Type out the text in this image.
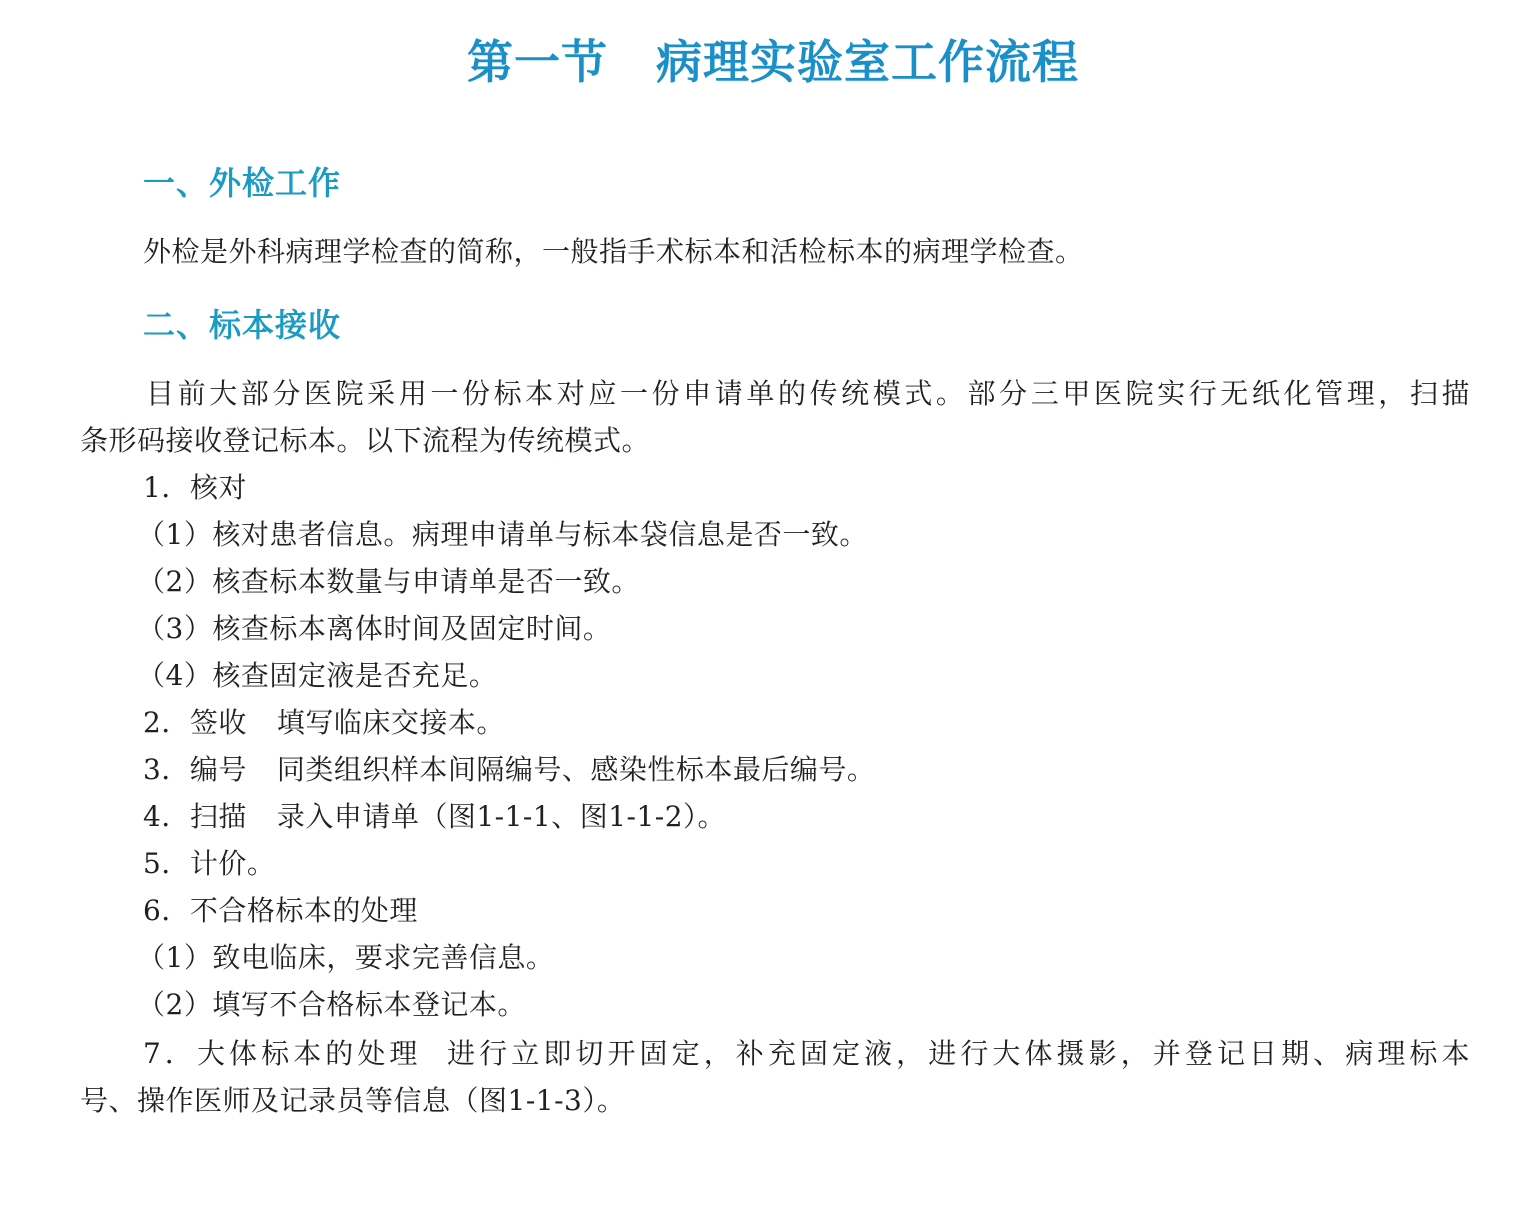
第一节 病理实验室工作流程
一、外检工作
外检是外科病理学检查的简称，一般指手术标本和活检标本的病理学检查。
二、标本接收
目前大部分医院采用一份标本对应一份申请单的传统模式。部分三甲医院实行无纸化管理，扫描
条形码接收登记标本。以下流程为传统模式。
1．核对
（1）核对患者信息。病理申请单与标本袋信息是否一致。
（2）核查标本数量与申请单是否一致。
（3）核查标本离体时间及固定时间。
（4）核查固定液是否充足。
2．签收 填写临床交接本。
3．编号 同类组织样本间隔编号、感染性标本最后编号。
4．扫描 录入申请单（图1-1-1、图1-1-2）。
5．计价。
6．不合格标本的处理
（1）致电临床，要求完善信息。
（2）填写不合格标本登记本。
7．大体标本的处理 进行立即切开固定，补充固定液，进行大体摄影，并登记日期、病理标本
号、操作医师及记录员等信息（图1-1-3）。
